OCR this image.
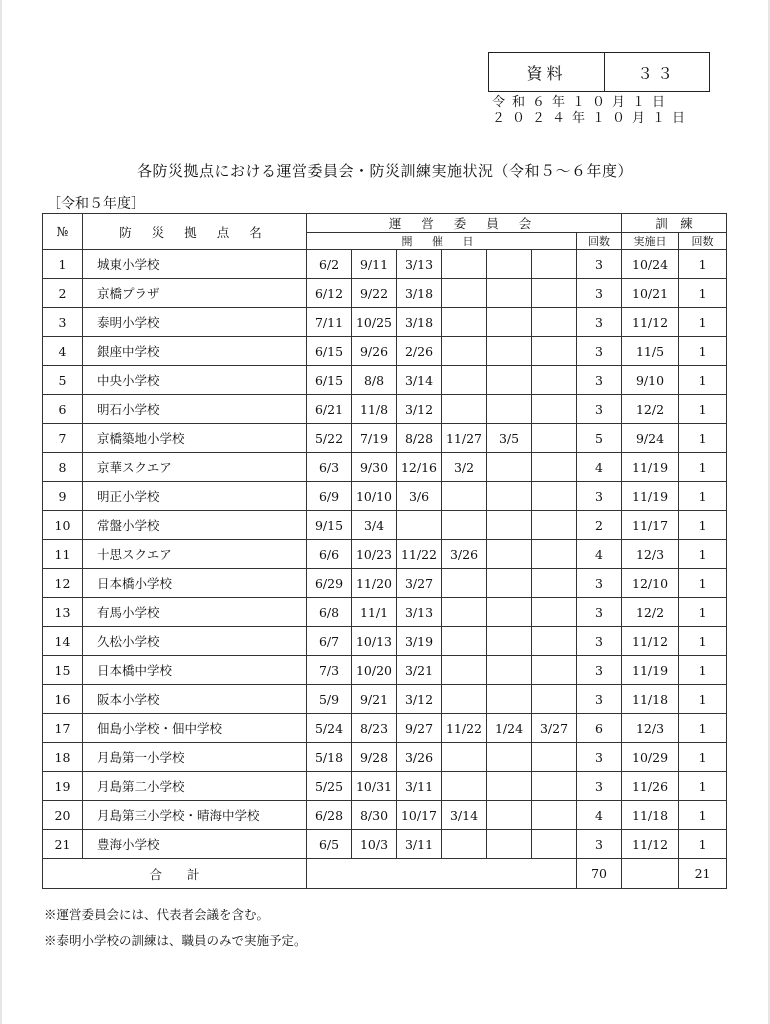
資料	３３
令和６年１０月１日
２０２４年１０月１日
各防災拠点における運営委員会・防災訓練実施状況（令和５～６年度）
［令和５年度］
№	防 災 拠 点 名	運 営 委 員 会							訓　練	
		開 催 日						回数	実施日	回数
1	城東小学校	6/2	9/11	3/13				3	10/24	1
2	京橋プラザ	6/12	9/22	3/18				3	10/21	1
3	泰明小学校	7/11	10/25	3/18				3	11/12	1
4	銀座中学校	6/15	9/26	2/26				3	11/5	1
5	中央小学校	6/15	8/8	3/14				3	9/10	1
6	明石小学校	6/21	11/8	3/12				3	12/2	1
7	京橋築地小学校	5/22	7/19	8/28	11/27	3/5		5	9/24	1
8	京華スクエア	6/3	9/30	12/16	3/2			4	11/19	1
9	明正小学校	6/9	10/10	3/6				3	11/19	1
10	常盤小学校	9/15	3/4					2	11/17	1
11	十思スクエア	6/6	10/23	11/22	3/26			4	12/3	1
12	日本橋小学校	6/29	11/20	3/27				3	12/10	1
13	有馬小学校	6/8	11/1	3/13				3	12/2	1
14	久松小学校	6/7	10/13	3/19				3	11/12	1
15	日本橋中学校	7/3	10/20	3/21				3	11/19	1
16	阪本小学校	5/9	9/21	3/12				3	11/18	1
17	佃島小学校・佃中学校	5/24	8/23	9/27	11/22	1/24	3/27	6	12/3	1
18	月島第一小学校	5/18	9/28	3/26				3	10/29	1
19	月島第二小学校	5/25	10/31	3/11				3	11/26	1
20	月島第三小学校・晴海中学校	6/28	8/30	10/17	3/14			4	11/18	1
21	豊海小学校	6/5	10/3	3/11				3	11/12	1
合　　計								70		21
※運営委員会には、代表者会議を含む。
※泰明小学校の訓練は、職員のみで実施予定。
